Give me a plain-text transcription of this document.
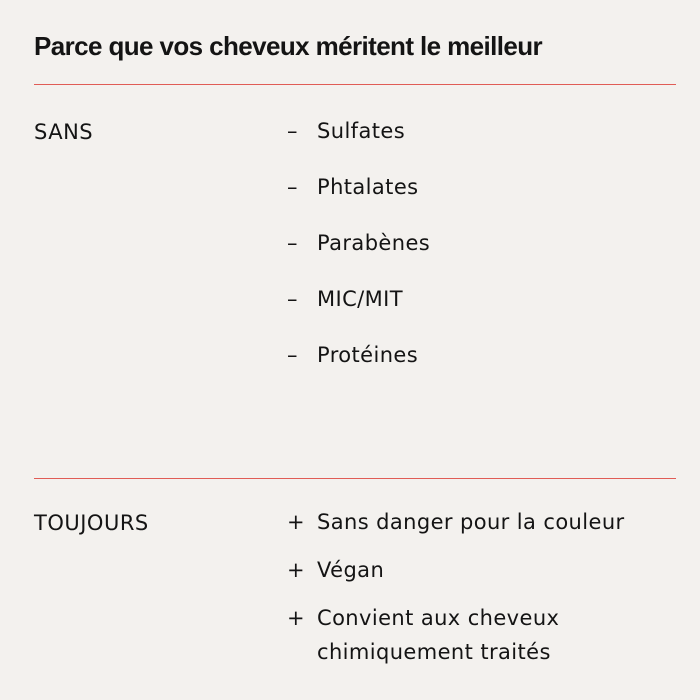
Parce que vos cheveux méritent le meilleur
SANS	– Sulfates
– Phtalates
– Parabènes
– MIC/MIT
– Protéines
TOUJOURS	+ Sans danger pour la couleur
+ Végan
+ Convient aux cheveux chimiquement traités
